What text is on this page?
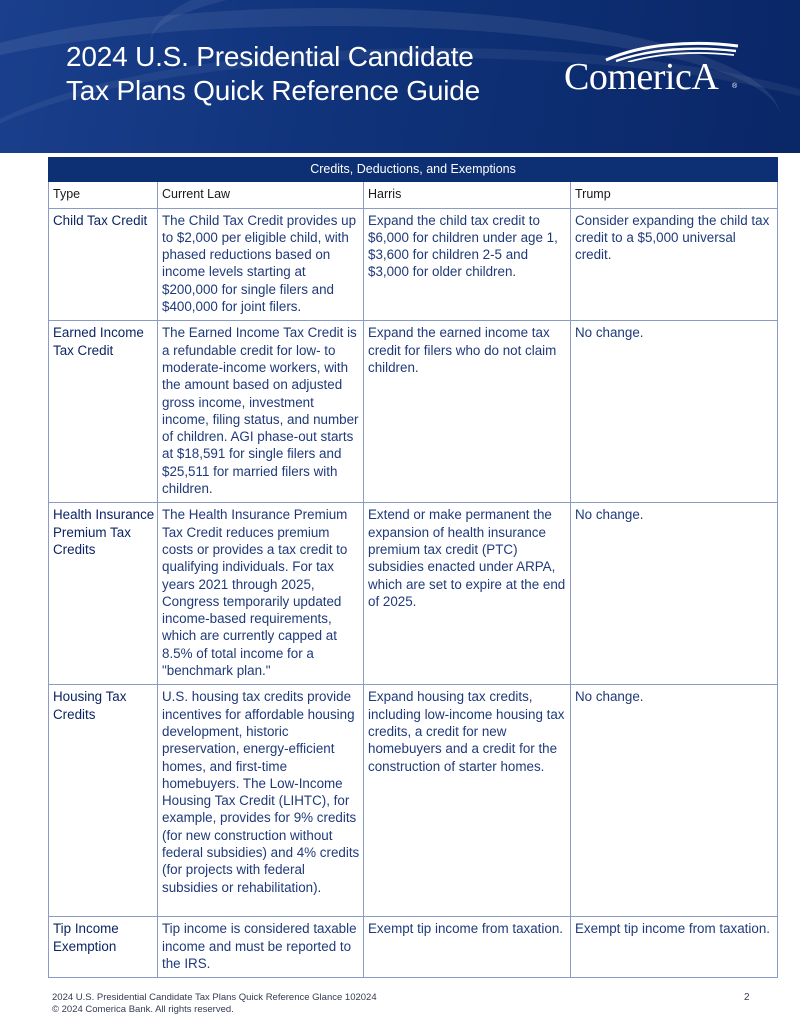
2024 U.S. Presidential Candidate
Tax Plans Quick Reference Guide	ComericA ®
Credits, Deductions, and Exemptions			
Type	Current Law	Harris	Trump
Child Tax Credit	The Child Tax Credit provides up to $2,000 per eligible child, with phased reductions based on income levels starting at $200,000 for single filers and $400,000 for joint filers.	Expand the child tax credit to $6,000 for children under age 1, $3,600 for children 2-5 and $3,000 for older children.	Consider expanding the child tax credit to a $5,000 universal credit.
Earned Income Tax Credit	The Earned Income Tax Credit is a refundable credit for low- to moderate-income workers, with the amount based on adjusted gross income, investment income, filing status, and number of children. AGI phase-out starts at $18,591 for single filers and $25,511 for married filers with children.	Expand the earned income tax credit for filers who do not claim children.	No change.
Health Insurance Premium Tax Credits	The Health Insurance Premium Tax Credit reduces premium costs or provides a tax credit to qualifying individuals. For tax years 2021 through 2025, Congress temporarily updated income-based requirements, which are currently capped at 8.5% of total income for a "benchmark plan."	Extend or make permanent the expansion of health insurance premium tax credit (PTC) subsidies enacted under ARPA, which are set to expire at the end of 2025.	No change.
Housing Tax Credits	U.S. housing tax credits provide incentives for affordable housing development, historic preservation, energy-efficient homes, and first-time homebuyers. The Low-Income Housing Tax Credit (LIHTC), for example, provides for 9% credits (for new construction without federal subsidies) and 4% credits (for projects with federal subsidies or rehabilitation).	Expand housing tax credits, including low-income housing tax credits, a credit for new homebuyers and a credit for the construction of starter homes.	No change.
Tip Income Exemption	Tip income is considered taxable income and must be reported to the IRS.	Exempt tip income from taxation.	Exempt tip income from taxation.
2024 U.S. Presidential Candidate Tax Plans Quick Reference Glance 102024
© 2024 Comerica Bank. All rights reserved.
2
